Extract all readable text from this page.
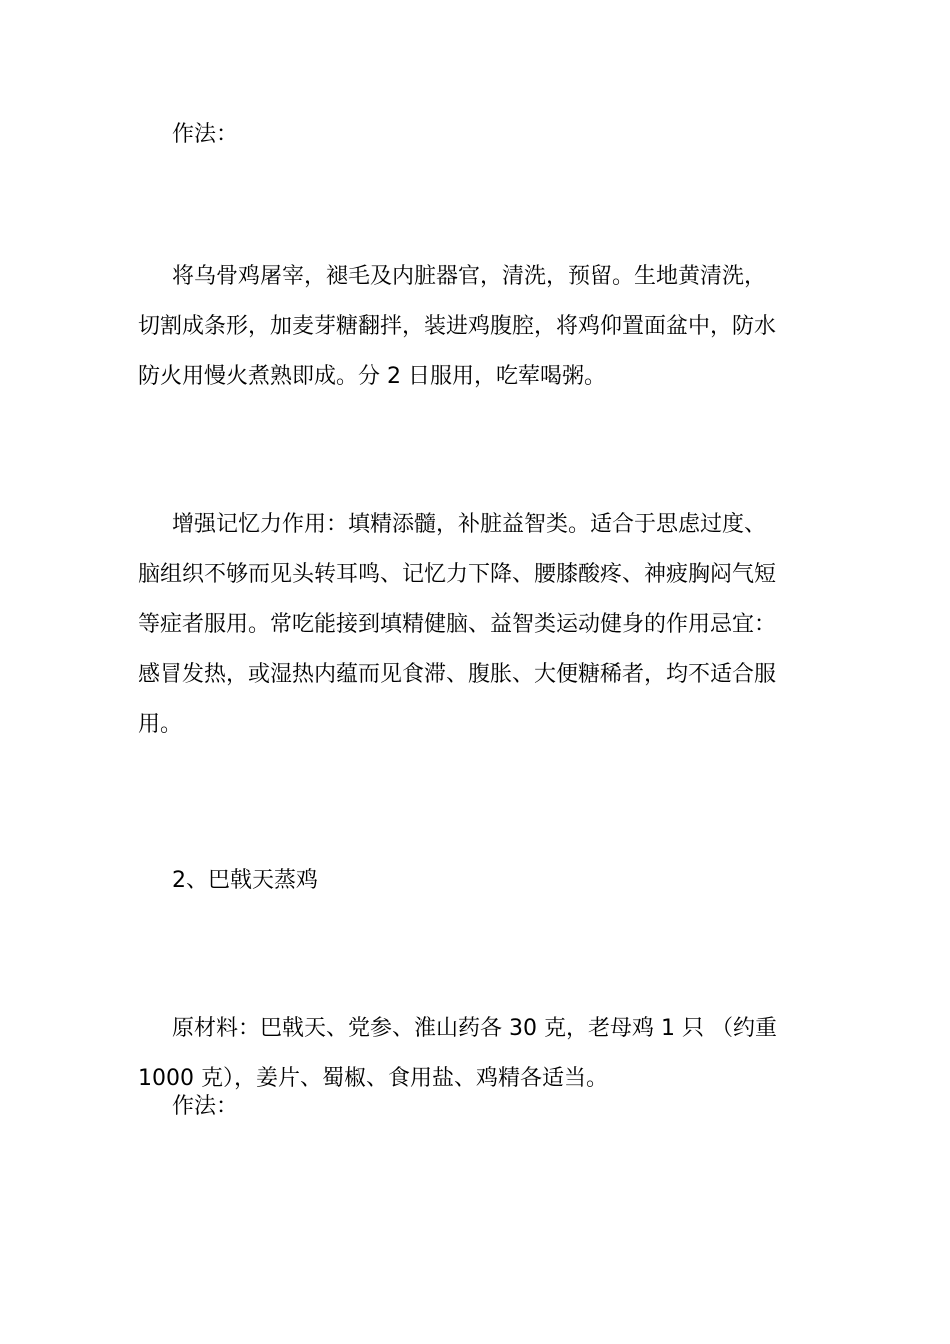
作法：
将乌骨鸡屠宰，褪毛及内脏器官，清洗，预留。生地黄清洗，
切割成条形，加麦芽糖翻拌，装进鸡腹腔，将鸡仰置面盆中，防水
防火用慢火煮熟即成。分 2 日服用，吃荤喝粥。
增强记忆力作用：填精添髓，补脏益智类。适合于思虑过度、
脑组织不够而见头转耳鸣、记忆力下降、腰膝酸疼、神疲胸闷气短
等症者服用。常吃能接到填精健脑、益智类运动健身的作用忌宜：
感冒发热，或湿热内蕴而见食滞、腹胀、大便糖稀者，均不适合服
用。
2、巴戟天蒸鸡
原材料：巴戟天、党参、淮山药各 30 克，老母鸡 1 只 （约重
1000 克），姜片、蜀椒、食用盐、鸡精各适当。
作法：
